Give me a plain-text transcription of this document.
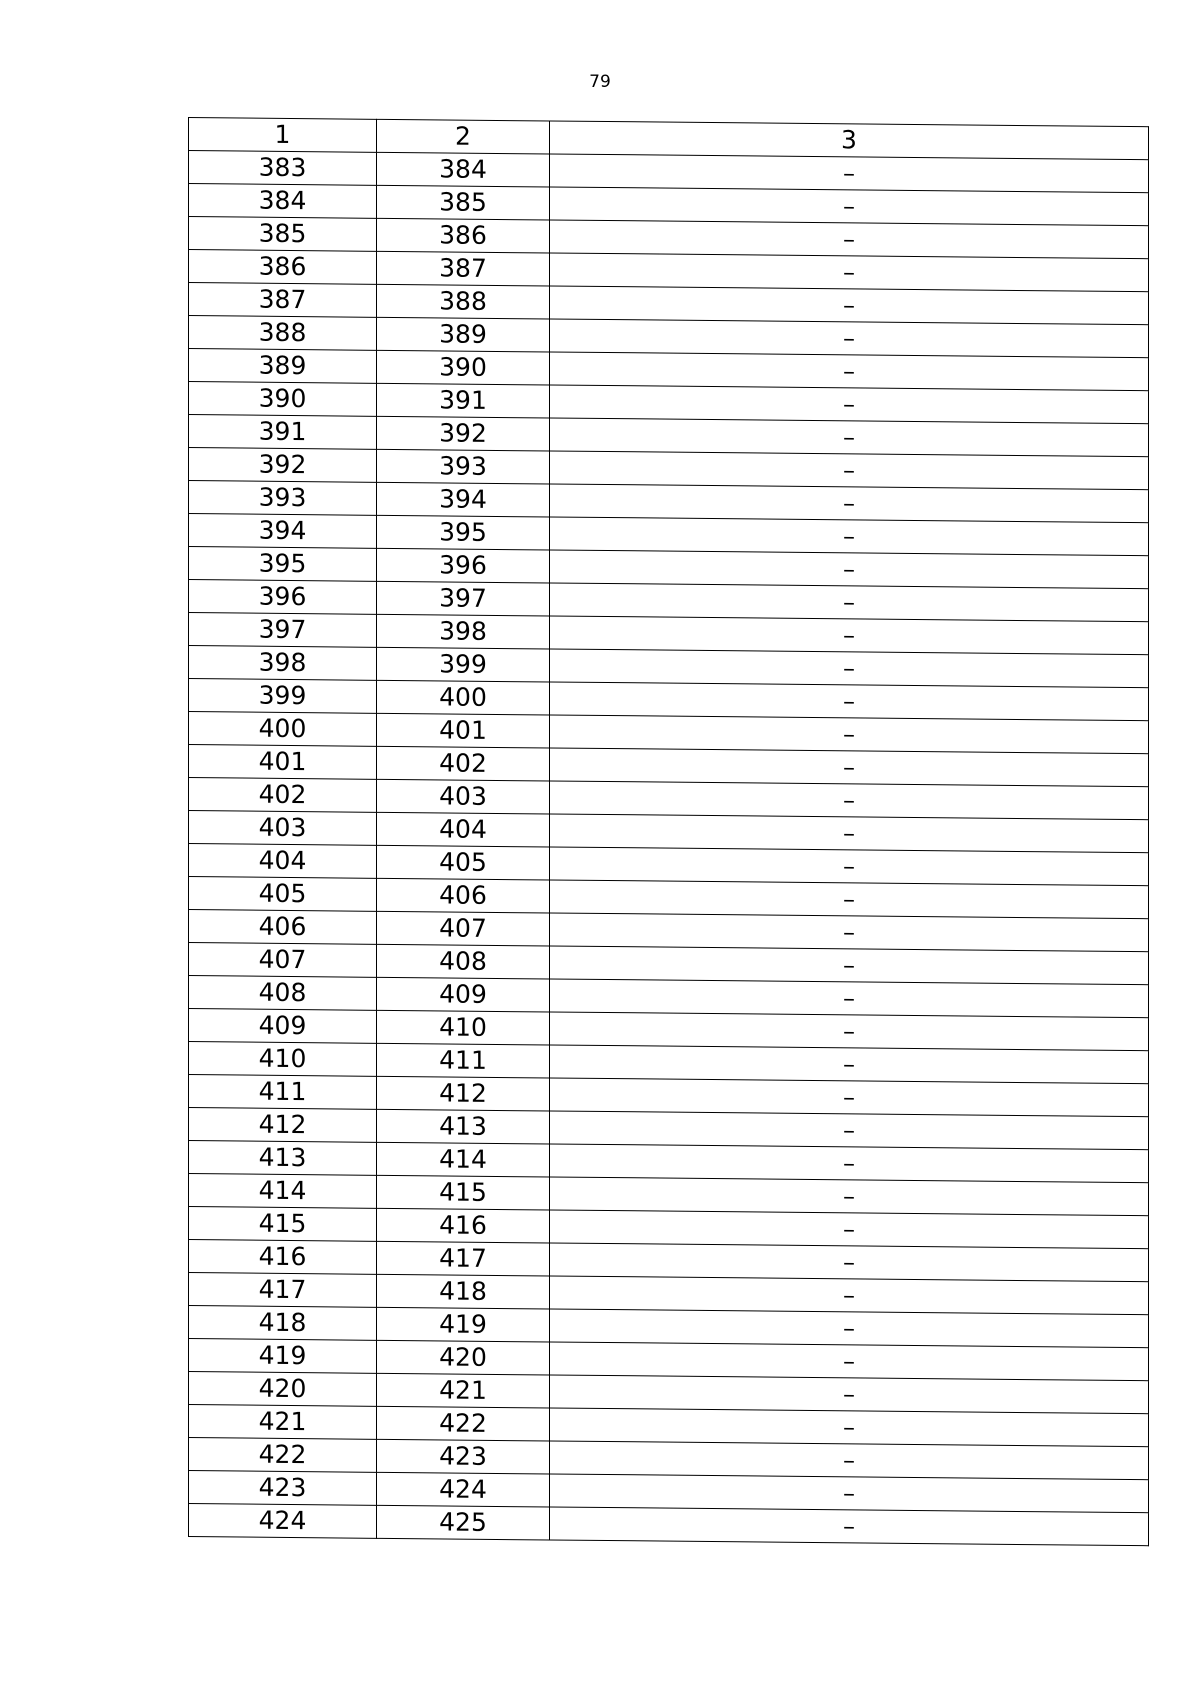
79
1	2	3
383	384	–
384	385	–
385	386	–
386	387	–
387	388	–
388	389	–
389	390	–
390	391	–
391	392	–
392	393	–
393	394	–
394	395	–
395	396	–
396	397	–
397	398	–
398	399	–
399	400	–
400	401	–
401	402	–
402	403	–
403	404	–
404	405	–
405	406	–
406	407	–
407	408	–
408	409	–
409	410	–
410	411	–
411	412	–
412	413	–
413	414	–
414	415	–
415	416	–
416	417	–
417	418	–
418	419	–
419	420	–
420	421	–
421	422	–
422	423	–
423	424	–
424	425	–
